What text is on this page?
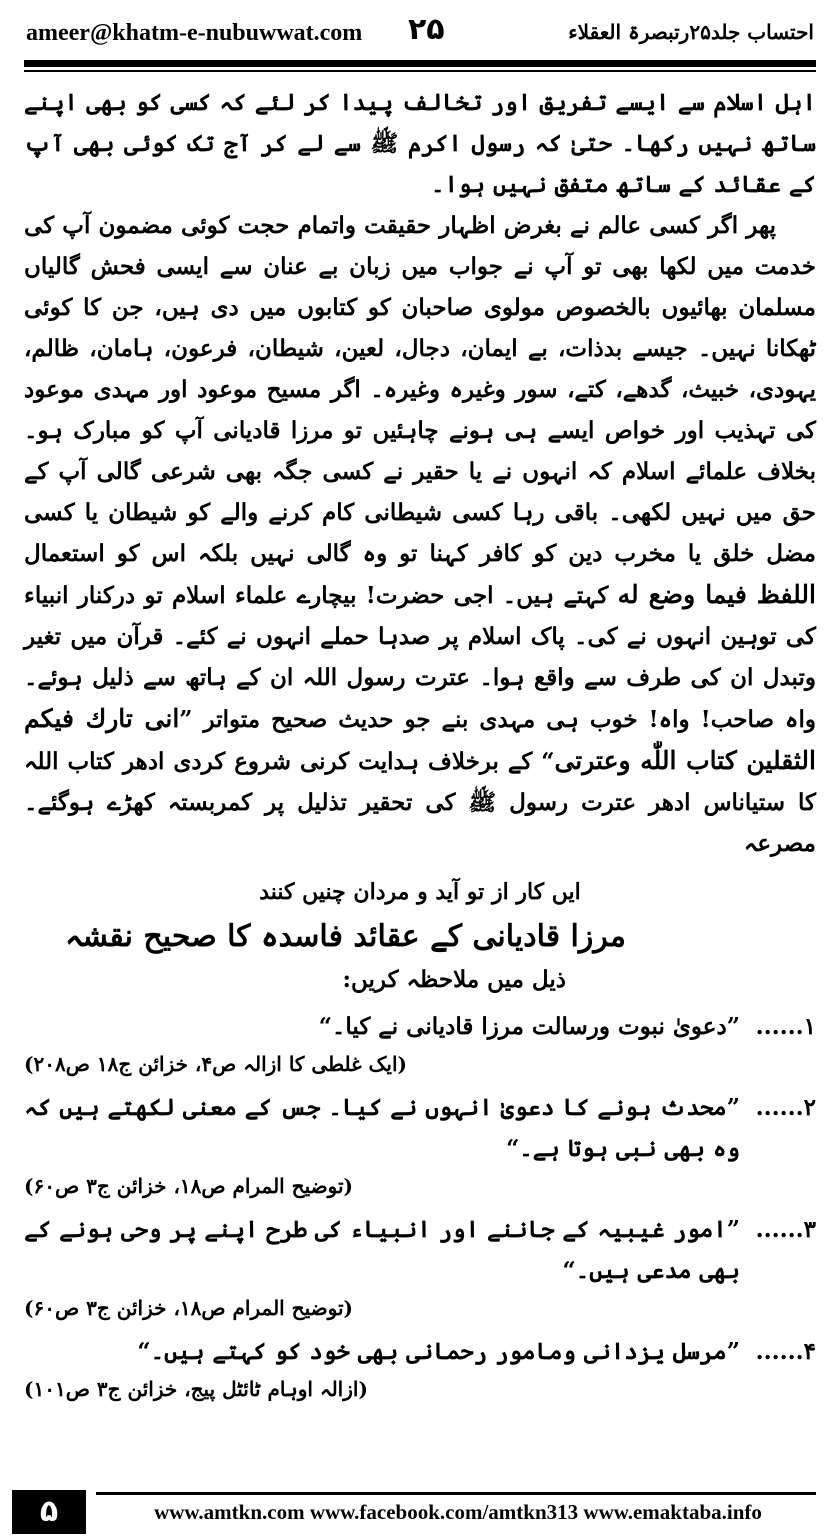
ameer@khatm-e-nubuwwat.com ۲۵	احتساب جلد۲۵رتبصرۃ العقلاء

اہل اسلام سے ایسے تفریق اور تخالف پیدا کر لئے کہ کسی کو بھی اپنے ساتھ نہیں رکھا۔ حتیٰ کہ رسول اکرم ﷺ سے لے کر آج تک کوئی بھی آپ کے عقائد کے ساتھ متفق نہیں ہوا۔

پھر اگر کسی عالم نے بغرض اظہار حقیقت واتمام حجت کوئی مضمون آپ کی خدمت میں لکھا بھی تو آپ نے جواب میں زبان بے عنان سے ایسی فحش گالیاں مسلمان بھائیوں بالخصوص مولوی صاحبان کو کتابوں میں دی ہیں، جن کا کوئی ٹھکانا نہیں۔ جیسے بدذات، بے ایمان، دجال، لعین، شیطان، فرعون، ہامان، ظالم، یہودی، خبیث، گدھے، کتے، سور وغیرہ وغیرہ۔ اگر مسیح موعود اور مہدی موعود کی تہذیب اور خواص ایسے ہی ہونے چاہئیں تو مرزا قادیانی آپ کو مبارک ہو۔ بخلاف علمائے اسلام کہ انہوں نے یا حقیر نے کسی جگہ بھی شرعی گالی آپ کے حق میں نہیں لکھی۔ باقی رہا کسی شیطانی کام کرنے والے کو شیطان یا کسی مضل خلق یا مخرب دین کو کافر کہنا تو وہ گالی نہیں بلکہ اس کو استعمال اللفظ فیما وضع له کہتے ہیں۔ اجی حضرت! بیچارے علماء اسلام تو درکنار انبیاء کی توہین انہوں نے کی۔ پاک اسلام پر صدہا حملے انہوں نے کئے۔ قرآن میں تغیر وتبدل ان کی طرف سے واقع ہوا۔ عترت رسول اللہ ان کے ہاتھ سے ذلیل ہوئے۔ واہ صاحب! واہ! خوب ہی مہدی بنے جو حدیث صحیح متواتر ”انی تارك فیکم الثقلین کتاب اللّٰه وعترتی“ کے برخلاف ہدایت کرنی شروع کردی ادھر کتاب اللہ کا ستیاناس ادھر عترت رسول ﷺ کی تحقیر تذلیل پر کمربستہ کھڑے ہوگئے۔ مصرعہ

ایں کار از تو آید و مردان چنیں کنند

مرزا قادیانی کے عقائد فاسدہ کا صحیح نقشہ

ذیل میں ملاحظہ کریں:

۱......
”دعویٰ نبوت ورسالت مرزا قادیانی نے کیا۔“

(ایک غلطی کا ازالہ ص۴، خزائن ج۱۸ ص۲۰۸)

۲......
”محدث ہونے کا دعویٰ انہوں نے کیا۔ جس کے معنی لکھتے ہیں کہ وہ بھی نبی ہوتا ہے۔“

(توضیح المرام ص۱۸، خزائن ج۳ ص۶۰)

۳......
”امور غیبیہ کے جاننے اور انبیاء کی طرح اپنے پر وحی ہونے کے بھی مدعی ہیں۔“

(توضیح المرام ص۱۸، خزائن ج۳ ص۶۰)

۴......
”مرسل یزدانی ومامور رحمانی بھی خود کو کہتے ہیں۔“

(ازالہ اوہام ٹائٹل پیج، خزائن ج۳ ص۱۰۱)

۵	www.amtkn.com www.facebook.com/amtkn313 www.emaktaba.info
